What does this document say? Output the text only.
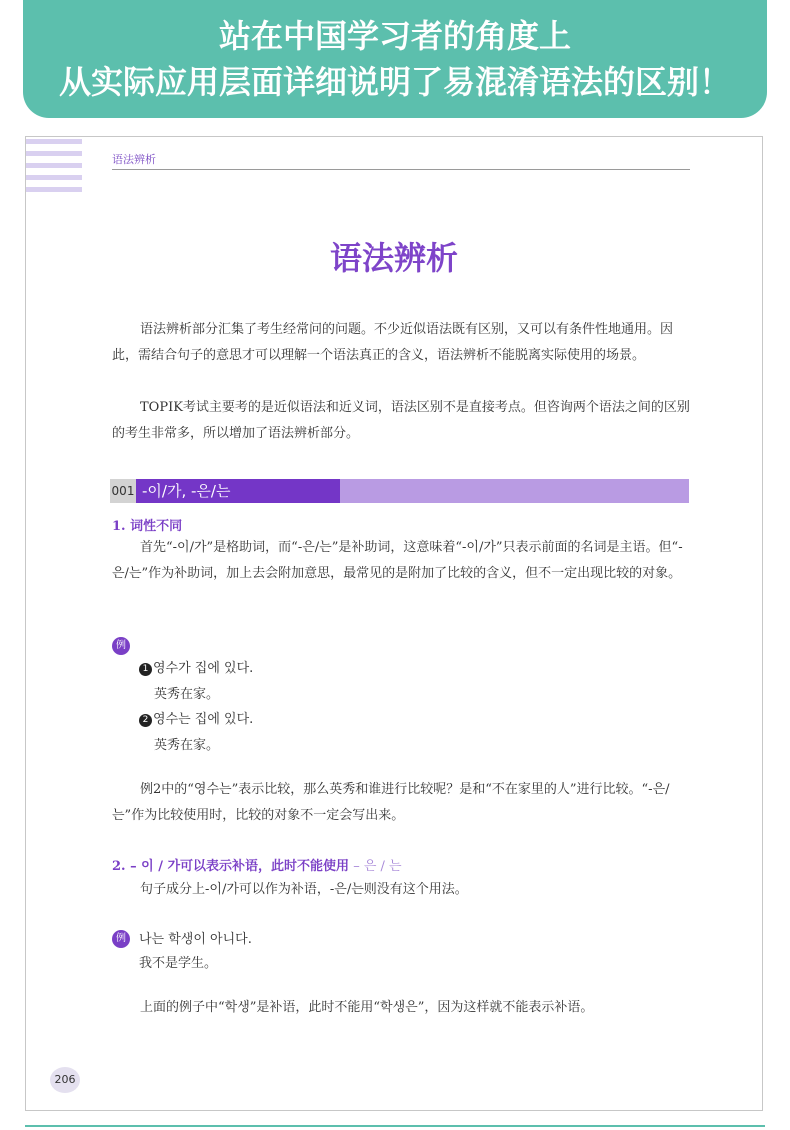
站在中国学习者的角度上
从实际应用层面详细说明了易混淆语法的区别！
语法辨析
语法辨析
语法辨析部分汇集了考生经常问的问题。不少近似语法既有区别，又可以有条件性地通用。因此，需结合句子的意思才可以理解一个语法真正的含义，语法辨析不能脱离实际使用的场景。
TOPIK考试主要考的是近似语法和近义词，语法区别不是直接考点。但咨询两个语法之间的区别的考生非常多，所以增加了语法辨析部分。
001 -이/가, -은/는
1. 词性不同
首先“-이/가”是格助词，而“-은/는”是补助词，这意味着“-이/가”只表示前面的名词是主语。但“-은/는”作为补助词，加上去会附加意思，最常见的是附加了比较的含义，但不一定出现比较的对象。
例
1 영수가 집에 있다.
英秀在家。
2 영수는 집에 있다.
英秀在家。
例2中的“영수는”表示比较，那么英秀和谁进行比较呢？是和“不在家里的人”进行比较。“-은/는”作为比较使用时，比较的对象不一定会写出来。
2. – 이 / 가可以表示补语，此时不能使用 – 은 / 는
句子成分上-이/가可以作为补语，-은/는则没有这个用法。
例	나는 학생이 아니다.
我不是学生。
上面的例子中“학생”是补语，此时不能用“학생은”，因为这样就不能表示补语。
206
